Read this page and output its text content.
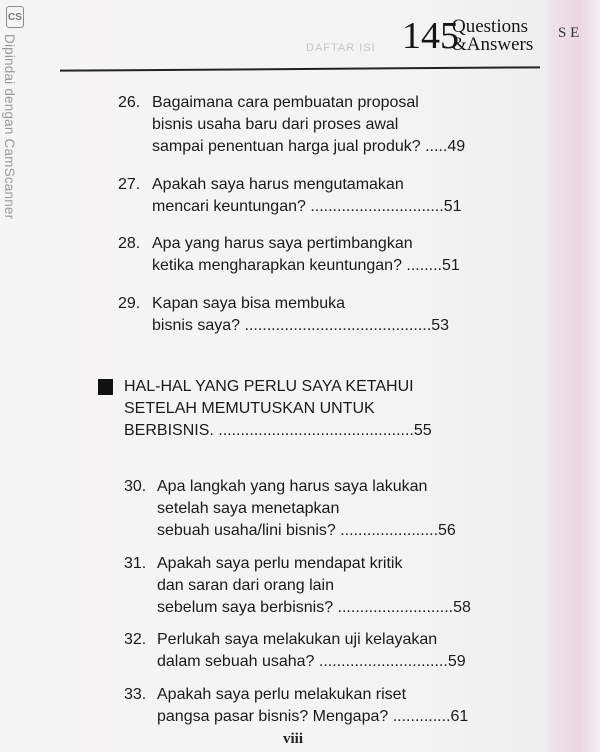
S E
CS
Dipindai dengan CamScanner	DAFTAR ISI 145
Questions
&Answers
26. Bagaimana cara pembuatan proposal
bisnis usaha baru dari proses awal
sampai penentuan harga jual produk? .....49
27. Apakah saya harus mengutamakan
mencari keuntungan? ..............................51
28. Apa yang harus saya pertimbangkan
ketika mengharapkan keuntungan? ........51
29. Kapan saya bisa membuka
bisnis saya? ..........................................53
HAL-HAL YANG PERLU SAYA KETAHUI
SETELAH MEMUTUSKAN UNTUK
BERBISNIS. ............................................55
30. Apa langkah yang harus saya lakukan
setelah saya menetapkan
sebuah usaha/lini bisnis? ......................56
31. Apakah saya perlu mendapat kritik
dan saran dari orang lain
sebelum saya berbisnis? ..........................58
32. Perlukah saya melakukan uji kelayakan
dalam sebuah usaha? .............................59
33. Apakah saya perlu melakukan riset
pangsa pasar bisnis? Mengapa? .............61
viii
